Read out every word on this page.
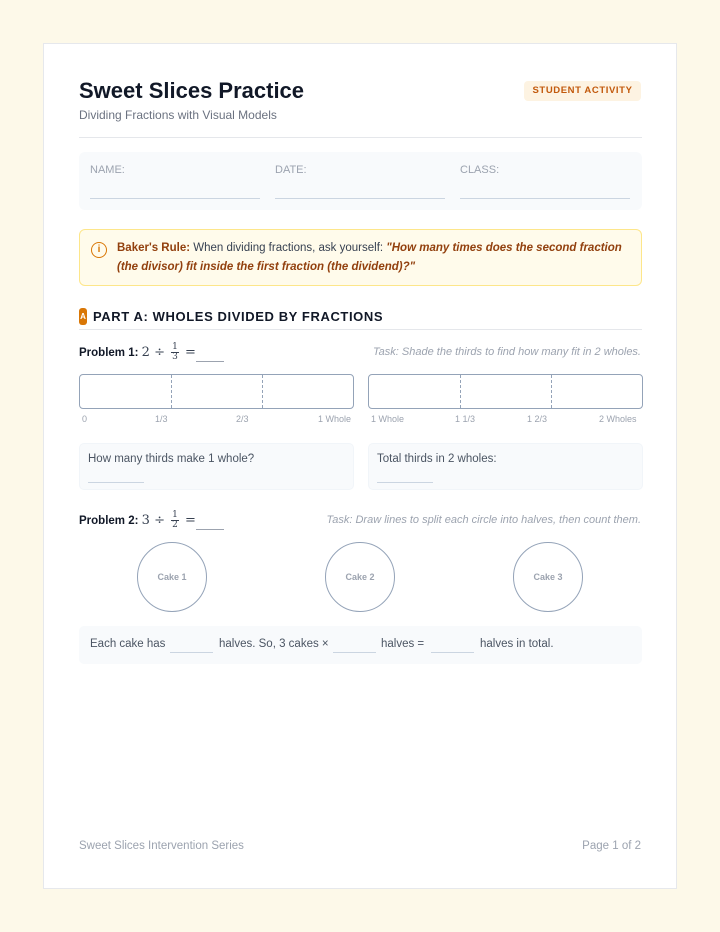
Sweet Slices Practice
Dividing Fractions with Visual Models
STUDENT ACTIVITY
NAME:	DATE:	CLASS:
i	Baker's Rule: When dividing fractions, ask yourself: "How many times does the second fraction (the divisor) fit inside the first fraction (the dividend)?"
A PART A: WHOLES DIVIDED BY FRACTIONS
Problem 1: $2 \div \frac{1}{3}$ =	Task: Shade the thirds to find how many fit in 2 wholes.
0	1/3	2/3	1 Whole 1 Whole	1 1/3	1 2/3	2 Wholes
How many thirds make 1 whole?	Total thirds in 2 wholes:
Problem 2: $3 \div \frac{1}{2}$ =	Task: Draw lines to split each circle into halves, then count them.
Cake 1	Cake 2	Cake 3
Each cake has	halves. So, 3 cakes ×	halves =	halves in total.
Sweet Slices Intervention Series	Page 1 of 2
